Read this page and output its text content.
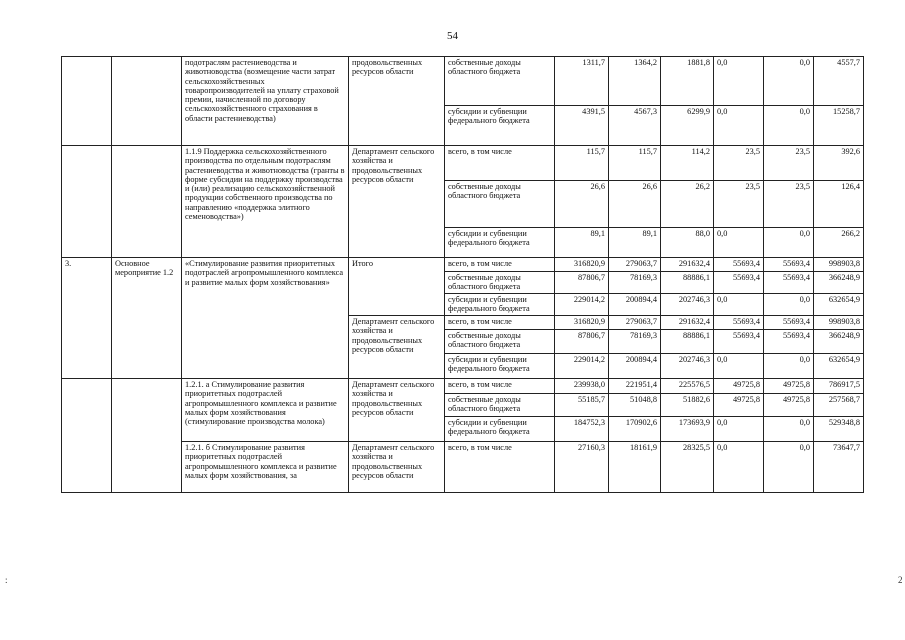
54
:	2
		подотраслям растениеводства и животноводства (возмещение части затрат сельскохозяйственных товаропроизводителей на уплату страховой премии, начисленной по договору сельскохозяйственного страхования в области растениеводства)	продовольственных ресурсов области	собственные доходы областного бюджета	1311,7	1364,2	1881,8	0,0	0,0	4557,7
				субсидии и субвенции федерального бюджета	4391,5	4567,3	6299,9	0,0	0,0	15258,7
		1.1.9 Поддержка сельскохозяйственного производства по отдельным подотраслям растениеводства и животноводства (гранты в форме субсидии на поддержку производства и (или) реализацию сельскохозяйственной продукции собственного производства по направлению «поддержка элитного семеноводства»)	Департамент сельского хозяйства и продовольственных ресурсов области	всего, в том числе	115,7	115,7	114,2	23,5	23,5	392,6
				собственные доходы областного бюджета	26,6	26,6	26,2	23,5	23,5	126,4
				субсидии и субвенции федерального бюджета	89,1	89,1	88,0	0,0	0,0	266,2
3.	Основное мероприятие 1.2	«Стимулирование развития приоритетных подотраслей агропромышленного комплекса и развитие малых форм хозяйствования»	Итого	всего, в том числе	316820,9	279063,7	291632,4	55693,4	55693,4	998903,8
				собственные доходы областного бюджета	87806,7	78169,3	88886,1	55693,4	55693,4	366248,9
				субсидии и субвенции федерального бюджета	229014,2	200894,4	202746,3	0,0	0,0	632654,9
			Департамент сельского хозяйства и продовольственных ресурсов области	всего, в том числе	316820,9	279063,7	291632,4	55693,4	55693,4	998903,8
				собственные доходы областного бюджета	87806,7	78169,3	88886,1	55693,4	55693,4	366248,9
				субсидии и субвенции федерального бюджета	229014,2	200894,4	202746,3	0,0	0,0	632654,9
		1.2.1. а Стимулирование развития приоритетных подотраслей агропромышленного комплекса и развитие малых форм хозяйствования (стимулирование производства молока)	Департамент сельского хозяйства и продовольственных ресурсов области	всего, в том числе	239938,0	221951,4	225576,5	49725,8	49725,8	786917,5
				собственные доходы областного бюджета	55185,7	51048,8	51882,6	49725,8	49725,8	257568,7
				субсидии и субвенции федерального бюджета	184752,3	170902,6	173693,9	0,0	0,0	529348,8
		1.2.1. б Стимулирование развития приоритетных подотраслей агропромышленного комплекса и развитие малых форм хозяйствования, за	Департамент сельского хозяйства и продовольственных ресурсов области	всего, в том числе	27160,3	18161,9	28325,5	0,0	0,0	73647,7
